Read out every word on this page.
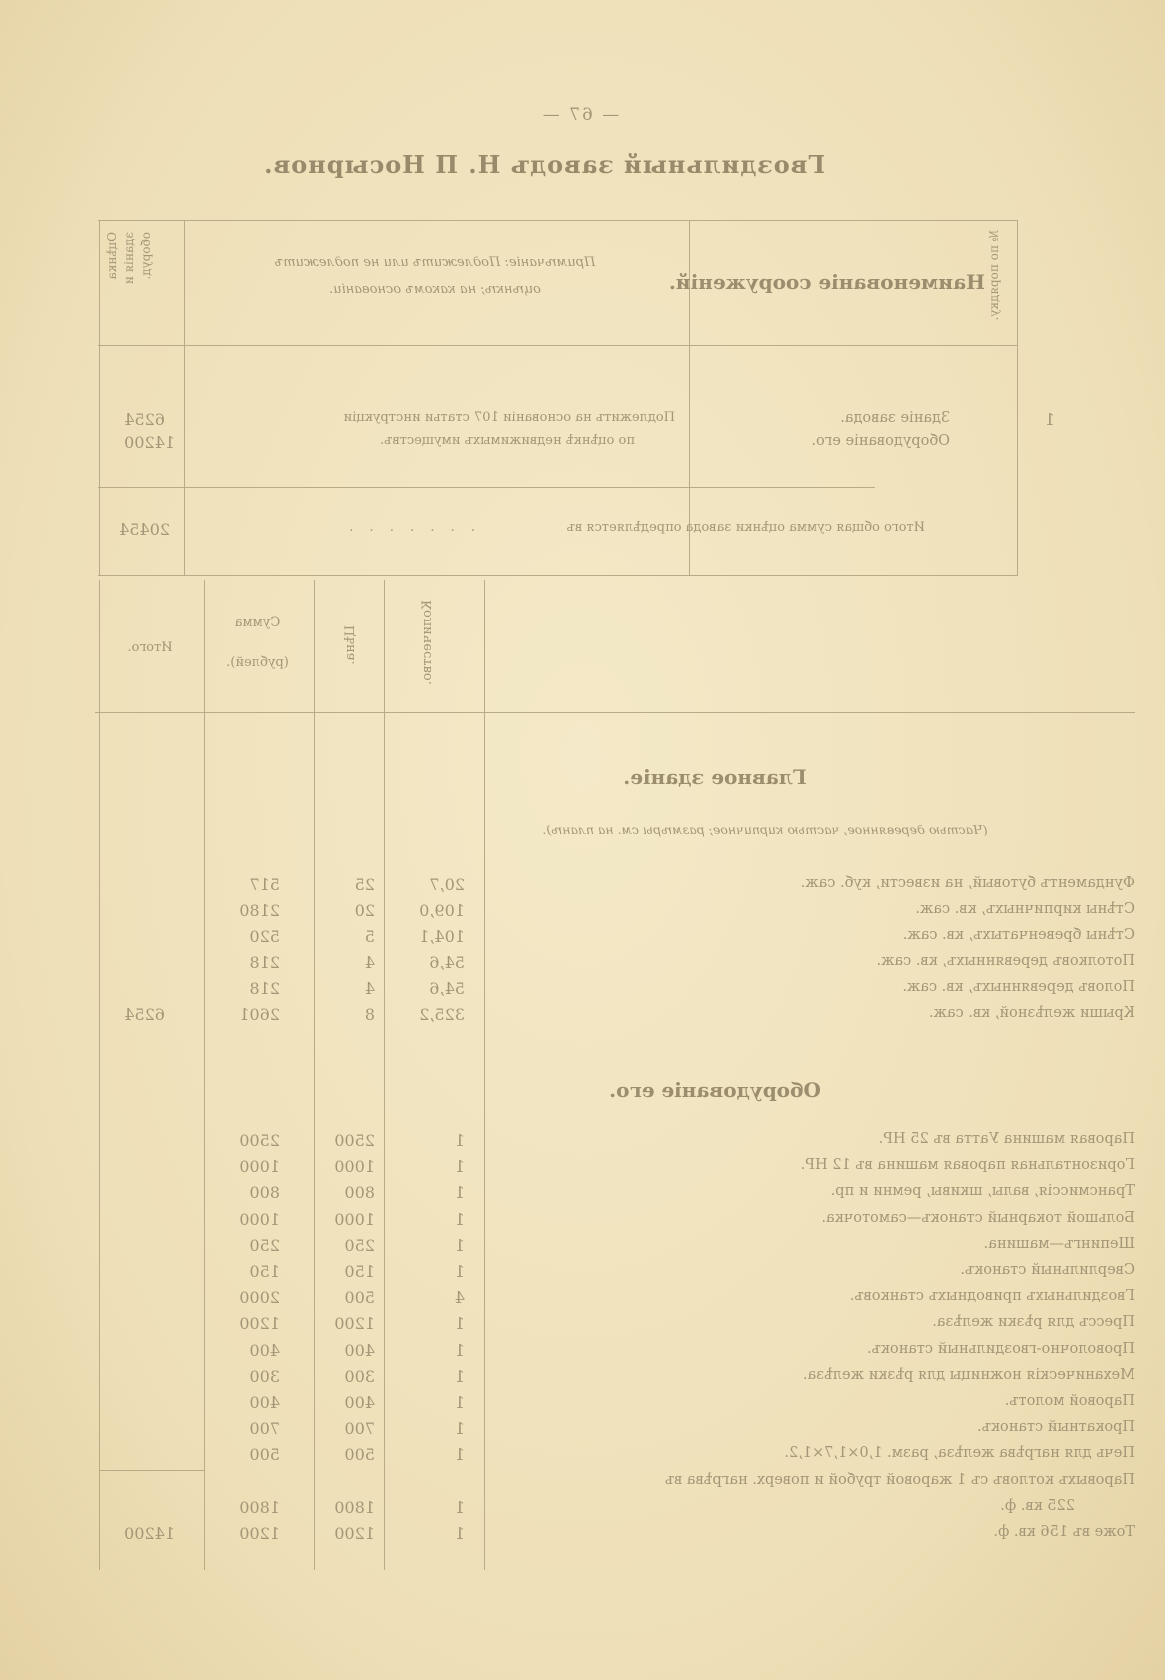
— 67 —
Гвоздильный заводъ Н. П Носырнов.
№ по порядку.
Наименованіе сооруженій.
Примѣчаніе: Подлежитъ или не подлежитъ
оцѣнкѣ; на какомъ основаніи.
Оцѣнка зданія и оборуд.
1
Зданіе завода.
Оборудованіе его.
Подлежитъ на основаніи 107 статьи инструкціи
по оцѣнкѣ недвижимыхъ имуществъ.
6254
14200
Итого общая сумма оцѣнки завода опредѣляется въ
. . . . . . .
20454
Количество.
Цѣна.
Сумма
(рублей).
Итого.
Главное зданіе.
(Частью деревянное, частью кирпичное; размѣры см. на планѣ).
Фундаментъ бутовый, на извести, куб. саж.
20,7
25
517
Стѣны кирпичныхъ, кв. саж.
109,0
20
2180
Стѣны бревенчатыхъ, кв. саж.
104,1
5
520
Потолковъ деревянныхъ, кв. саж.
54,6
4
218
Половъ деревянныхъ, кв. саж.
54,6
4
218
Крыши желѣзной, кв. саж.
325,2
8
2601
6254
Оборудованіе его.
Паровая машина Уатта въ 25 НР.
1
2500
2500
Горизонтальная паровая машина въ 12 НР.
1
1000
1000
Трансмиссія, валы, шкивы, ремни и пр.
1
800
800
Большой токарный станокъ—самоточка.
1
1000
1000
Шепингъ—машина.
1
250
250
Сверлильный станокъ.
1
150
150
Гвоздильныхъ приводныхъ станковъ.
4
500
2000
Прессъ для рѣзки желѣза.
1
1200
1200
Проволочно-гвоздильный станокъ.
1
400
400
Механическія ножницы для рѣзки желѣза.
1
300
300
Паровой молотъ.
1
400
400
Прокатный станокъ.
1
700
700
Печь для нагрѣва желѣза, разм. 1,0×1,7×1,2.
1
500
500
Паровыхъ котловъ съ 1 жаровой трубой и поверх. нагрѣва въ
225 кв. ф.
1
1800
1800
Тоже въ 156 кв. ф.
1
1200
1200
14200
